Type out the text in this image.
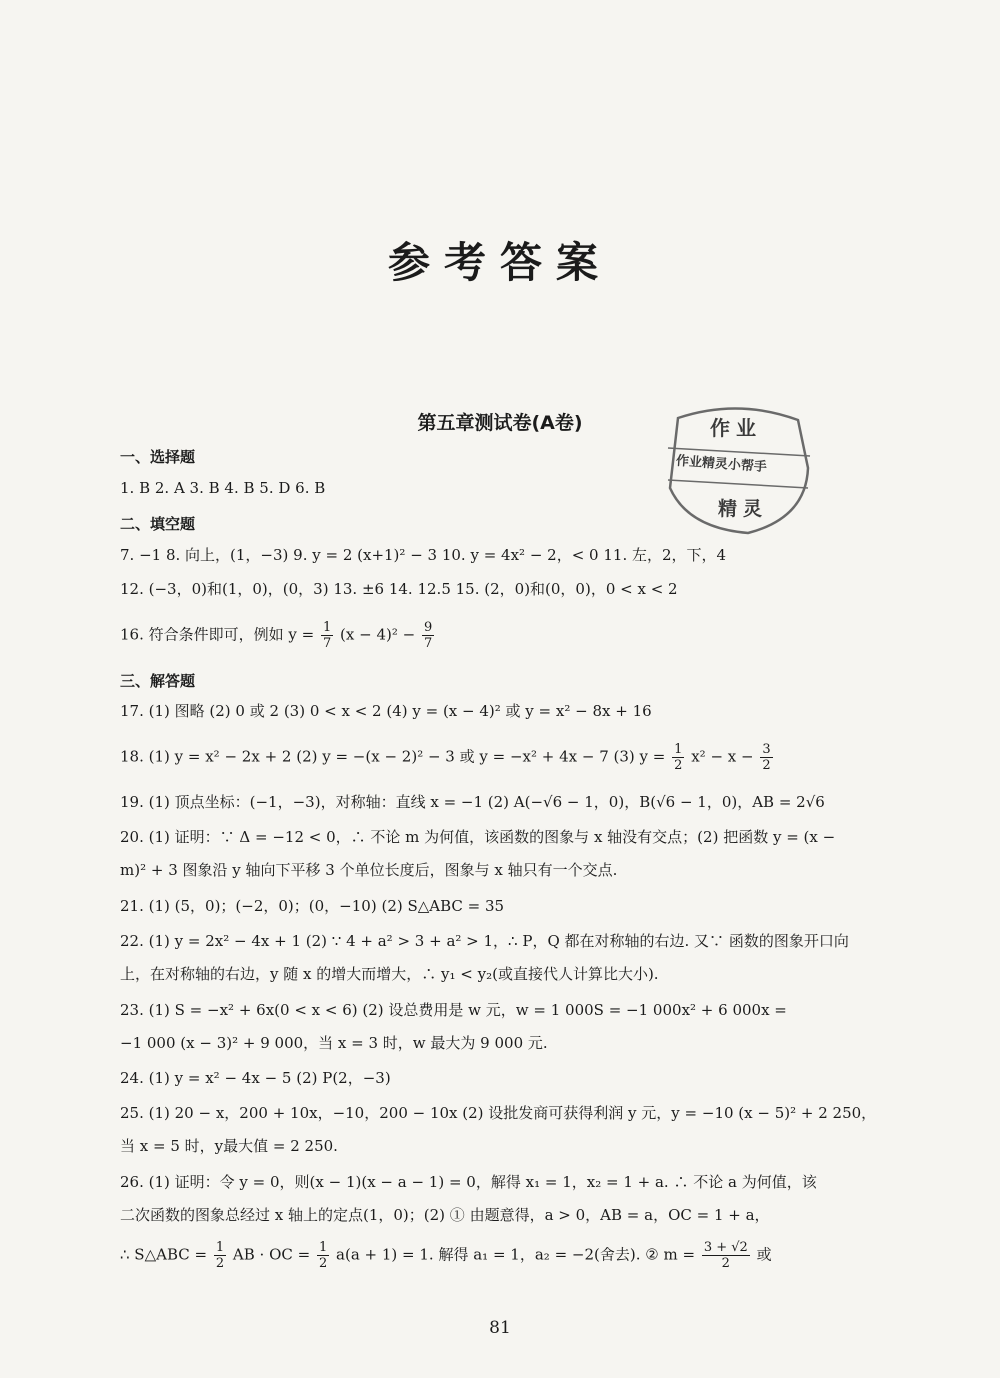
参考答案
第五章测试卷(A卷)	作业
作业精灵小帮手
精灵
一、选择题
1. B 2. A 3. B 4. B 5. D 6. B
二、填空题
7. −1 8. 向上，(1，−3) 9. y = 2 (x+1)² − 3 10. y = 4x² − 2，< 0 11. 左，2，下，4
12. (−3，0)和(1，0)，(0，3) 13. ±6 14. 12.5 15. (2，0)和(0，0)，0 < x < 2
16. 符合条件即可，例如 $y = \frac{1}{7} (x - 4)^2 - \frac{9}{7}$
三、解答题
17. (1) 图略 (2) 0 或 2 (3) 0 < x < 2 (4) y = (x − 4)² 或 y = x² − 8x + 16
18. (1) y = x² − 2x + 2 (2) y = −(x − 2)² − 3 或 y = −x² + 4x − 7 (3) $y = \frac{1}{2} x^2 - x - \frac{3}{2}$
19. (1) 顶点坐标：(−1，−3)，对称轴：直线 x = −1 (2) A(−√6 − 1，0)，B(√6 − 1，0)，AB = 2√6
20. (1) 证明：∵ Δ = −12 < 0，∴ 不论 m 为何值，该函数的图象与 x 轴没有交点；(2) 把函数 y = (x −
m)² + 3 图象沿 y 轴向下平移 3 个单位长度后，图象与 x 轴只有一个交点.
21. (1) (5，0)；(−2，0)；(0，−10) (2) S△ABC = 35
22. (1) y = 2x² − 4x + 1 (2) ∵ 4 + a² > 3 + a² > 1，∴ P，Q 都在对称轴的右边. 又∵ 函数的图象开口向
上，在对称轴的右边，y 随 x 的增大而增大，∴ y₁ < y₂(或直接代人计算比大小).
23. (1) S = −x² + 6x(0 < x < 6) (2) 设总费用是 w 元，w = 1 000S = −1 000x² + 6 000x =
−1 000 (x − 3)² + 9 000，当 x = 3 时，w 最大为 9 000 元.
24. (1) y = x² − 4x − 5 (2) P(2，−3)
25. (1) 20 − x，200 + 10x，−10，200 − 10x (2) 设批发商可获得利润 y 元，y = −10 (x − 5)² + 2 250，
当 x = 5 时，y最大值 = 2 250.
26. (1) 证明：令 y = 0，则(x − 1)(x − a − 1) = 0，解得 x₁ = 1，x₂ = 1 + a. ∴ 不论 a 为何值，该
二次函数的图象总经过 x 轴上的定点(1，0)；(2) ① 由题意得，a > 0，AB = a，OC = 1 + a，
∴ S△ABC = $\frac{1}{2}$ AB · OC = $\frac{1}{2} a(a + 1) = 1$. 解得 a₁ = 1，a₂ = −2(舍去). ② $m = \frac{3 + √2}{2}$ 或
81
